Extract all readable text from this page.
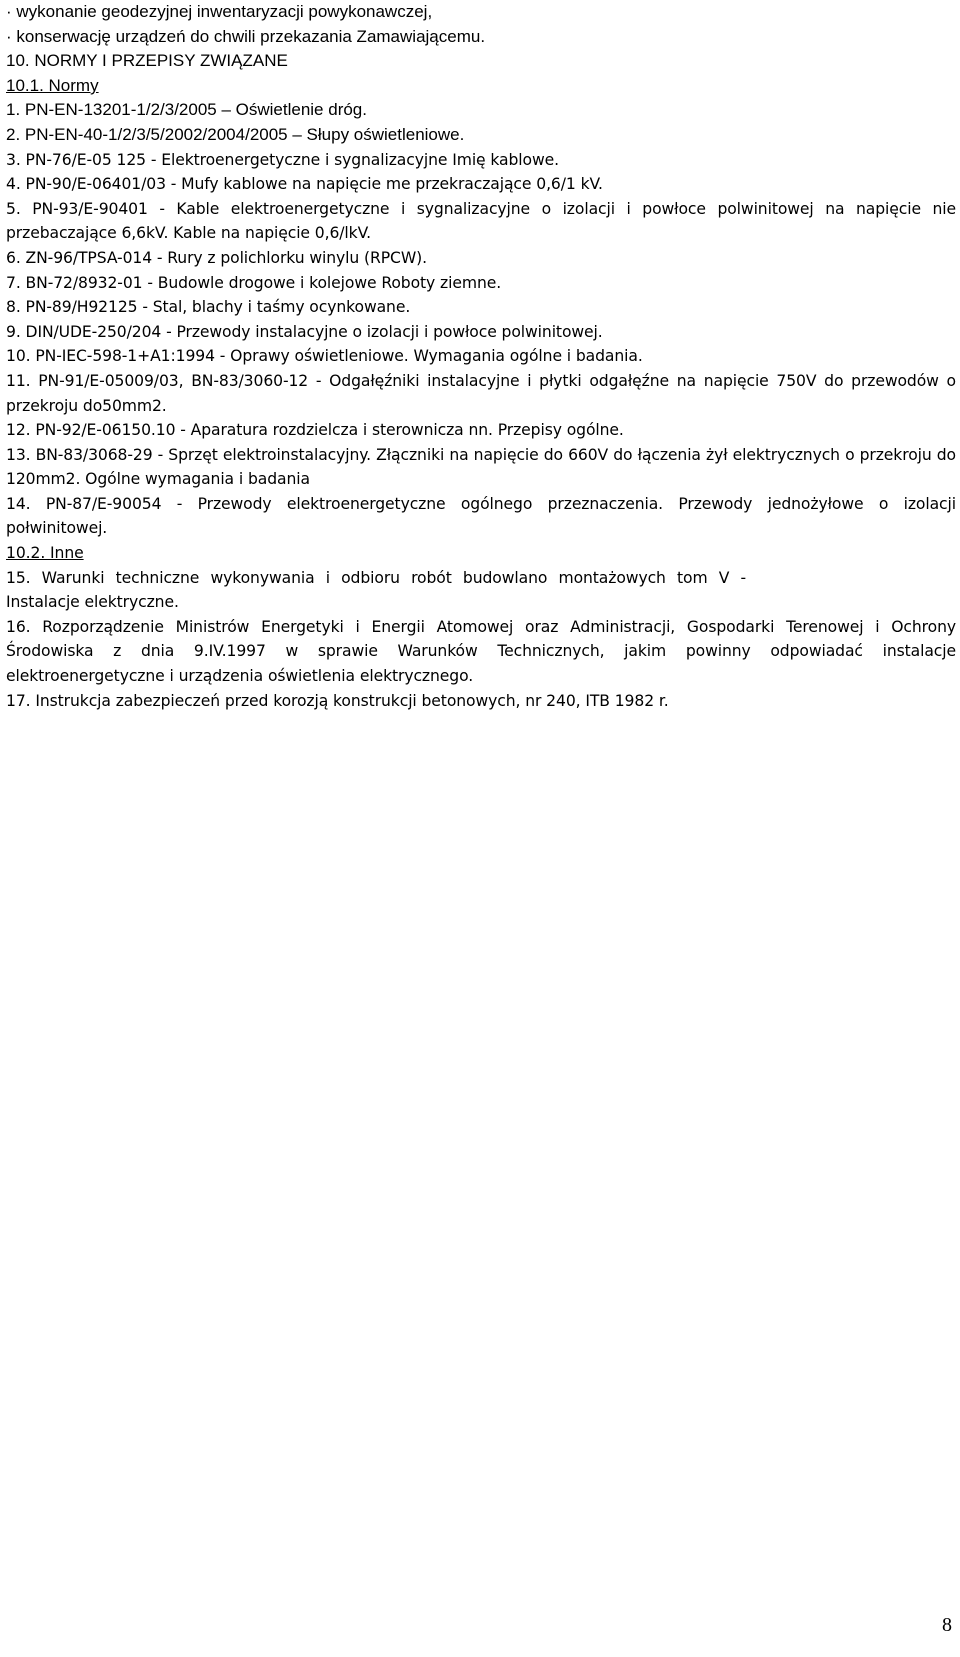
· wykonanie geodezyjnej inwentaryzacji powykonawczej,

· konserwację urządzeń do chwili przekazania Zamawiającemu.

10. NORMY I PRZEPISY ZWIĄZANE

10.1. Normy

1. PN-EN-13201-1/2/3/2005 – Oświetlenie dróg.

2. PN-EN-40-1/2/3/5/2002/2004/2005 – Słupy oświetleniowe.

3. PN-76/E-05 125 - Elektroenergetyczne i sygnalizacyjne Imię kablowe.

4. PN-90/E-06401/03 - Mufy kablowe na napięcie me przekraczające 0,6/1 kV.

5. PN-93/E-90401 - Kable elektroenergetyczne i sygnalizacyjne o izolacji i powłoce polwinitowej na napięcie nie przebaczające 6,6kV. Kable na napięcie 0,6/lkV.

6. ZN-96/TPSA-014 - Rury z polichlorku winylu (RPCW).

7. BN-72/8932-01 - Budowle drogowe i kolejowe Roboty ziemne.

8. PN-89/H92125 - Stal, blachy i taśmy ocynkowane.

9. DIN/UDE-250/204 - Przewody instalacyjne o izolacji i powłoce polwinitowej.

10. PN-IEC-598-1+A1:1994 - Oprawy oświetleniowe. Wymagania ogólne i badania.

11. PN-91/E-05009/03, BN-83/3060-12 - Odgałęźniki instalacyjne i płytki odgałęźne na napięcie 750V do przewodów o przekroju do50mm2.

12. PN-92/E-06150.10 - Aparatura rozdzielcza i sterownicza nn. Przepisy ogólne.

13. BN-83/3068-29 - Sprzęt elektroinstalacyjny. Złączniki na napięcie do 660V do łączenia żył elektrycznych o przekroju do 120mm2. Ogólne wymagania i badania

14. PN-87/E-90054 - Przewody elektroenergetyczne ogólnego przeznaczenia. Przewody jednożyłowe o izolacji połwinitowej.

10.2. Inne

15. Warunki techniczne wykonywania i odbioru robót budowlano montażowych tom V - Instalacje elektryczne.

16. Rozporządzenie Ministrów Energetyki i Energii Atomowej oraz Administracji, Gospodarki Terenowej i Ochrony Środowiska z dnia 9.IV.1997 w sprawie Warunków Technicznych, jakim powinny odpowiadać instalacje elektroenergetyczne i urządzenia oświetlenia elektrycznego.

17. Instrukcja zabezpieczeń przed korozją konstrukcji betonowych, nr 240, ITB 1982 r.

8
